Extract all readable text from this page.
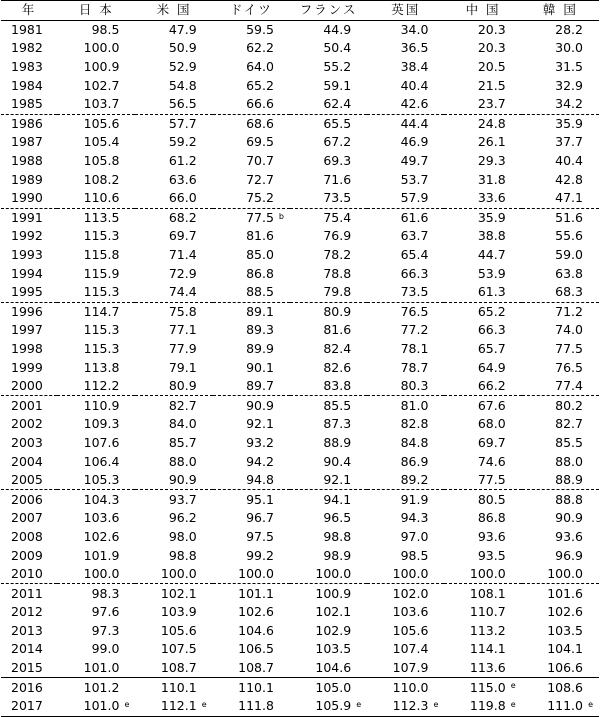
年	日 本	米 国	ドイツ	フランス	英国	中 国	韓 国
1981	98.5	47.9	59.5	44.9	34.0	20.3	28.2
1982	100.0	50.9	62.2	50.4	36.5	20.3	30.0
1983	100.9	52.9	64.0	55.2	38.4	20.5	31.5
1984	102.7	54.8	65.2	59.1	40.4	21.5	32.9
1985	103.7	56.5	66.6	62.4	42.6	23.7	34.2
1986	105.6	57.7	68.6	65.5	44.4	24.8	35.9
1987	105.4	59.2	69.5	67.2	46.9	26.1	37.7
1988	105.8	61.2	70.7	69.3	49.7	29.3	40.4
1989	108.2	63.6	72.7	71.6	53.7	31.8	42.8
1990	110.6	66.0	75.2	73.5	57.9	33.6	47.1
1991	113.5	68.2	77.5 b	75.4	61.6	35.9	51.6
1992	115.3	69.7	81.6	76.9	63.7	38.8	55.6
1993	115.8	71.4	85.0	78.2	65.4	44.7	59.0
1994	115.9	72.9	86.8	78.8	66.3	53.9	63.8
1995	115.3	74.4	88.5	79.8	73.5	61.3	68.3
1996	114.7	75.8	89.1	80.9	76.5	65.2	71.2
1997	115.3	77.1	89.3	81.6	77.2	66.3	74.0
1998	115.3	77.9	89.9	82.4	78.1	65.7	77.5
1999	113.8	79.1	90.1	82.6	78.7	64.9	76.5
2000	112.2	80.9	89.7	83.8	80.3	66.2	77.4
2001	110.9	82.7	90.9	85.5	81.0	67.6	80.2
2002	109.3	84.0	92.1	87.3	82.8	68.0	82.7
2003	107.6	85.7	93.2	88.9	84.8	69.7	85.5
2004	106.4	88.0	94.2	90.4	86.9	74.6	88.0
2005	105.3	90.9	94.8	92.1	89.2	77.5	88.9
2006	104.3	93.7	95.1	94.1	91.9	80.5	88.8
2007	103.6	96.2	96.7	96.5	94.3	86.8	90.9
2008	102.6	98.0	97.5	98.8	97.0	93.6	93.6
2009	101.9	98.8	99.2	98.9	98.5	93.5	96.9
2010	100.0	100.0	100.0	100.0	100.0	100.0	100.0
2011	98.3	102.1	101.1	100.9	102.0	108.1	101.6
2012	97.6	103.9	102.6	102.1	103.6	110.7	102.6
2013	97.3	105.6	104.6	102.9	105.6	113.2	103.5
2014	99.0	107.5	106.5	103.5	107.4	114.1	104.1
2015	101.0	108.7	108.7	104.6	107.9	113.6	106.6
2016	101.2	110.1	110.1	105.0	110.0	115.0 e	108.6
2017	101.0 e	112.1 e	111.8	105.9 e	112.3 e	119.8 e	111.0 e
